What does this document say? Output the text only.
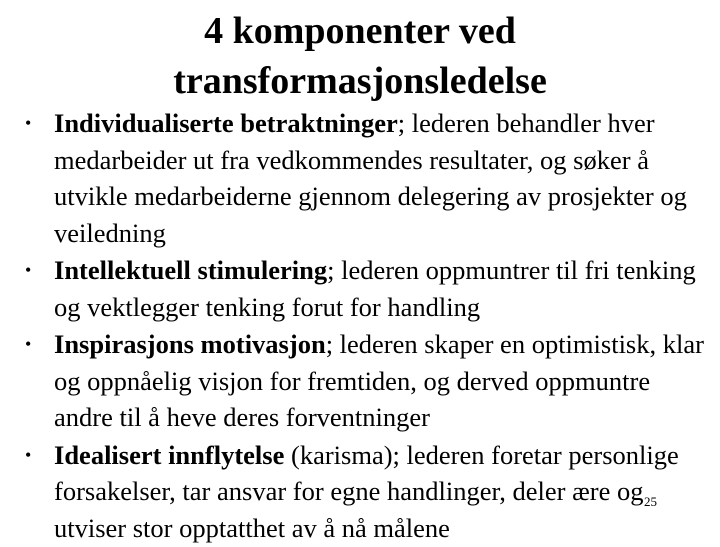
4 komponenter ved
transformasjonsledelse
• Individualiserte betraktninger; lederen behandler hver medarbeider ut fra vedkommendes resultater, og søker å utvikle medarbeiderne gjennom delegering av prosjekter og veiledning
• Intellektuell stimulering; lederen oppmuntrer til fri tenking og vektlegger tenking forut for handling
• Inspirasjons motivasjon; lederen skaper en optimistisk, klar og oppnåelig visjon for fremtiden, og derved oppmuntre andre til å heve deres forventninger
• Idealisert innflytelse (karisma); lederen foretar personlige forsakelser, tar ansvar for egne handlinger, deler ære og utviser stor opptatthet av å nå målene
25
